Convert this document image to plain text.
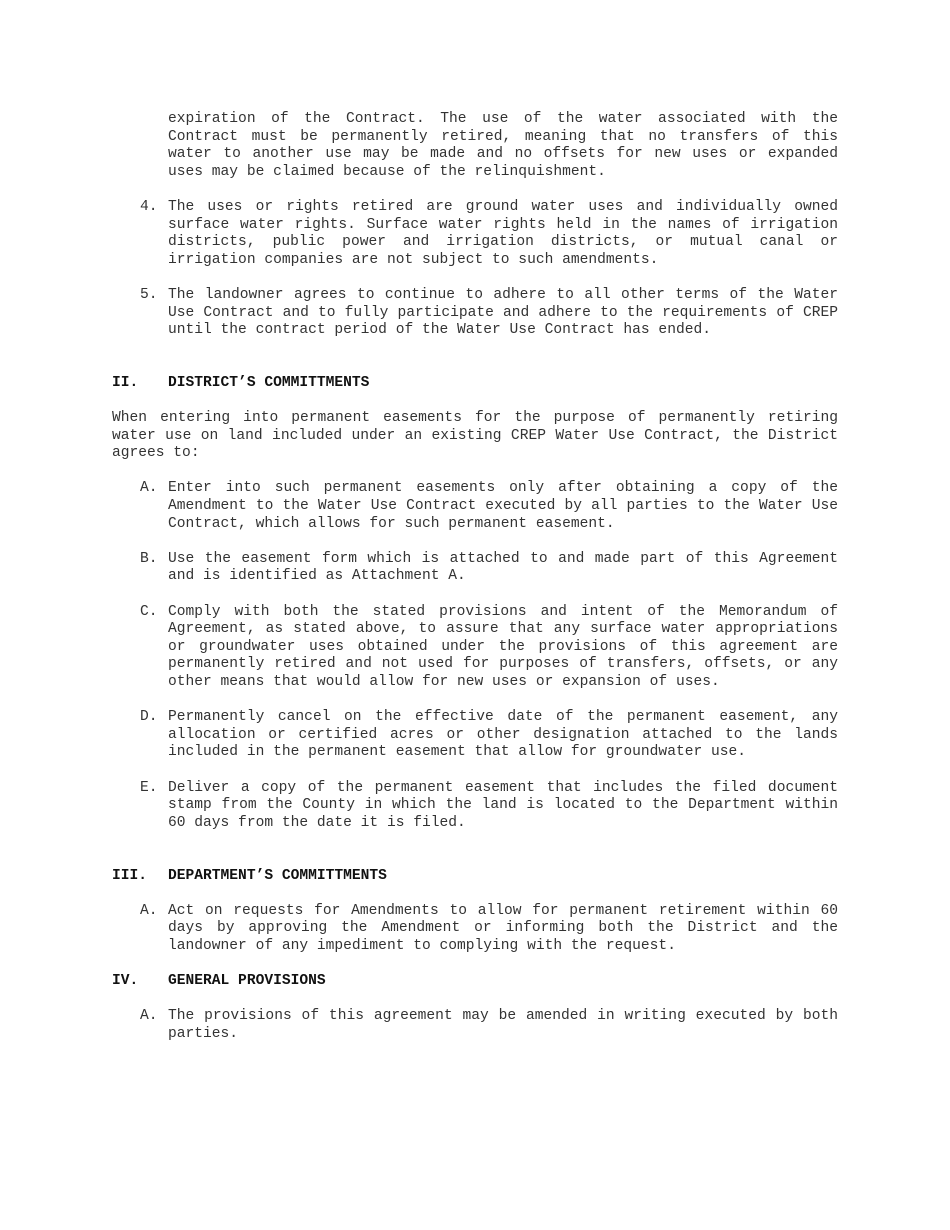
expiration of the Contract. The use of the water associated with the Contract must be permanently retired, meaning that no transfers of this water to another use may be made and no offsets for new uses or expanded uses may be claimed because of the relinquishment.
4. The uses or rights retired are ground water uses and individually owned surface water rights. Surface water rights held in the names of irrigation districts, public power and irrigation districts, or mutual canal or irrigation companies are not subject to such amendments.
5. The landowner agrees to continue to adhere to all other terms of the Water Use Contract and to fully participate and adhere to the requirements of CREP until the contract period of the Water Use Contract has ended.
II.	DISTRICT’S COMMITTMENTS
When entering into permanent easements for the purpose of permanently retiring water use on land included under an existing CREP Water Use Contract, the District agrees to:
A. Enter into such permanent easements only after obtaining a copy of the Amendment to the Water Use Contract executed by all parties to the Water Use Contract, which allows for such permanent easement.
B. Use the easement form which is attached to and made part of this Agreement and is identified as Attachment A.
C. Comply with both the stated provisions and intent of the Memorandum of Agreement, as stated above, to assure that any surface water appropriations or groundwater uses obtained under the provisions of this agreement are permanently retired and not used for purposes of transfers, offsets, or any other means that would allow for new uses or expansion of uses.
D. Permanently cancel on the effective date of the permanent easement, any allocation or certified acres or other designation attached to the lands included in the permanent easement that allow for groundwater use.
E. Deliver a copy of the permanent easement that includes the filed document stamp from the County in which the land is located to the Department within 60 days from the date it is filed.
III.	DEPARTMENT’S COMMITTMENTS
A. Act on requests for Amendments to allow for permanent retirement within 60 days by approving the Amendment or informing both the District and the landowner of any impediment to complying with the request.
IV.	GENERAL PROVISIONS
A. The provisions of this agreement may be amended in writing executed by both parties.
